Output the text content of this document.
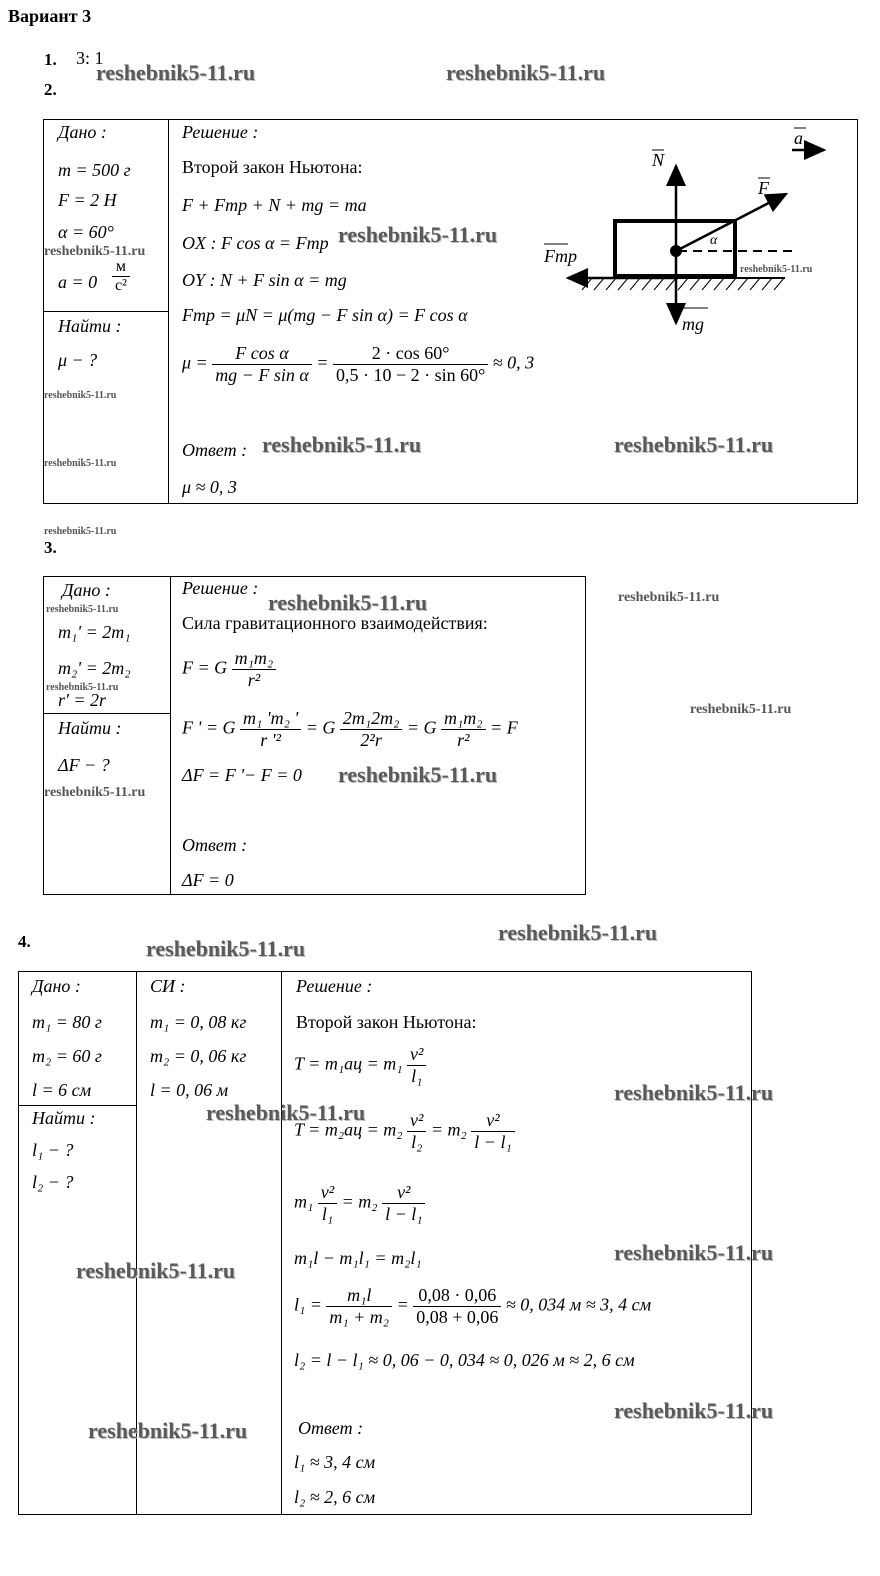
Вариант 3
1. 3: 1
2.
Дано :
m = 500 г
F = 2 Н
α = 60°
$a = 0 \frac{м}{\text{с²}}$
Найти :
μ − ?
Решение :
Второй закон Ньютона:
F + Fтр + N + mg = ma
OX : F cos α = Fтр
OY : N + F sin α = mg
Fтр = μN = μ(mg − F sin α) = F cos α
$\mu = \frac{\text{F cos α}}{\text{mg − F sin α}} = \frac{2 \cdot \cos 60^\circ}{0,5 \cdot 10 - 2 \cdot \sin 60^\circ} \approx 0$, 3
Ответ :
μ ≈ 0, 3
a
N
F
α
Fтр
mg
3.
Дано :
m₁' = 2m₁
m₂' = 2m₂
r' = 2r
Найти :
ΔF − ?
Решение :
Сила гравитационного взаимодействия:
F = G $\frac{\text{m₁m₂}}{\text{r²}}$
F ' = G $\frac{\text{m₁ 'm₂ '}}{\text{r '²}} = G \frac{\text{2m₁2m₂}}{\text{2²r}} = G \frac{\text{m₁m₂}}{\text{r²}} = F$
ΔF = F '− F = 0
Ответ :
ΔF = 0
4.
Дано :
m₁ = 80 г
m₂ = 60 г
l = 6 см
Найти :
l₁ − ?
l₂ − ?
СИ :
m₁ = 0, 08 кг
m₂ = 0, 06 кг
l = 0, 06 м
Решение :
Второй закон Ньютона:
$T = m_1aц = m_1 \frac{\text{v²}}{\text{l₁}}$
$T = m_2aц = m_2 \frac{\text{v²}}{\text{l₂}} = m_2 \frac{\text{v²}}{\text{l − l₁}}$
$m_1 \frac{\text{v²}}{\text{l₁}} = m_2 \frac{\text{v²}}{\text{l − l₁}}$
m₁l − m₁l₁ = m₂l₁
$l_1 = \frac{\text{m₁l}}{\text{m₁ + m₂}} = \frac{0,08 \cdot 0,06}{0,08 + 0,06} \approx 0$, 034 м ≈ 3, 4 см
l₂ = l − l₁ ≈ 0, 06 − 0, 034 ≈ 0, 026 м ≈ 2, 6 см
Ответ :
l₁ ≈ 3, 4 см
l₂ ≈ 2, 6 см
reshebnik5-11.ru	reshebnik5-11.ru
reshebnik5-11.ru
reshebnik5-11.ru	reshebnik5-11.ru
reshebnik5-11.ru
reshebnik5-11.ru
reshebnik5-11.ru
reshebnik5-11.ru
reshebnik5-11.ru
reshebnik5-11.ru
reshebnik5-11.ru
reshebnik5-11.ru
reshebnik5-11.ru
reshebnik5-11.ru
reshebnik5-11.ru
reshebnik5-11.ru
reshebnik5-11.ru
reshebnik5-11.ru
reshebnik5-11.ru
reshebnik5-11.ru
reshebnik5-11.ru
reshebnik5-11.ru
reshebnik5-11.ru
reshebnik5-11.ru
